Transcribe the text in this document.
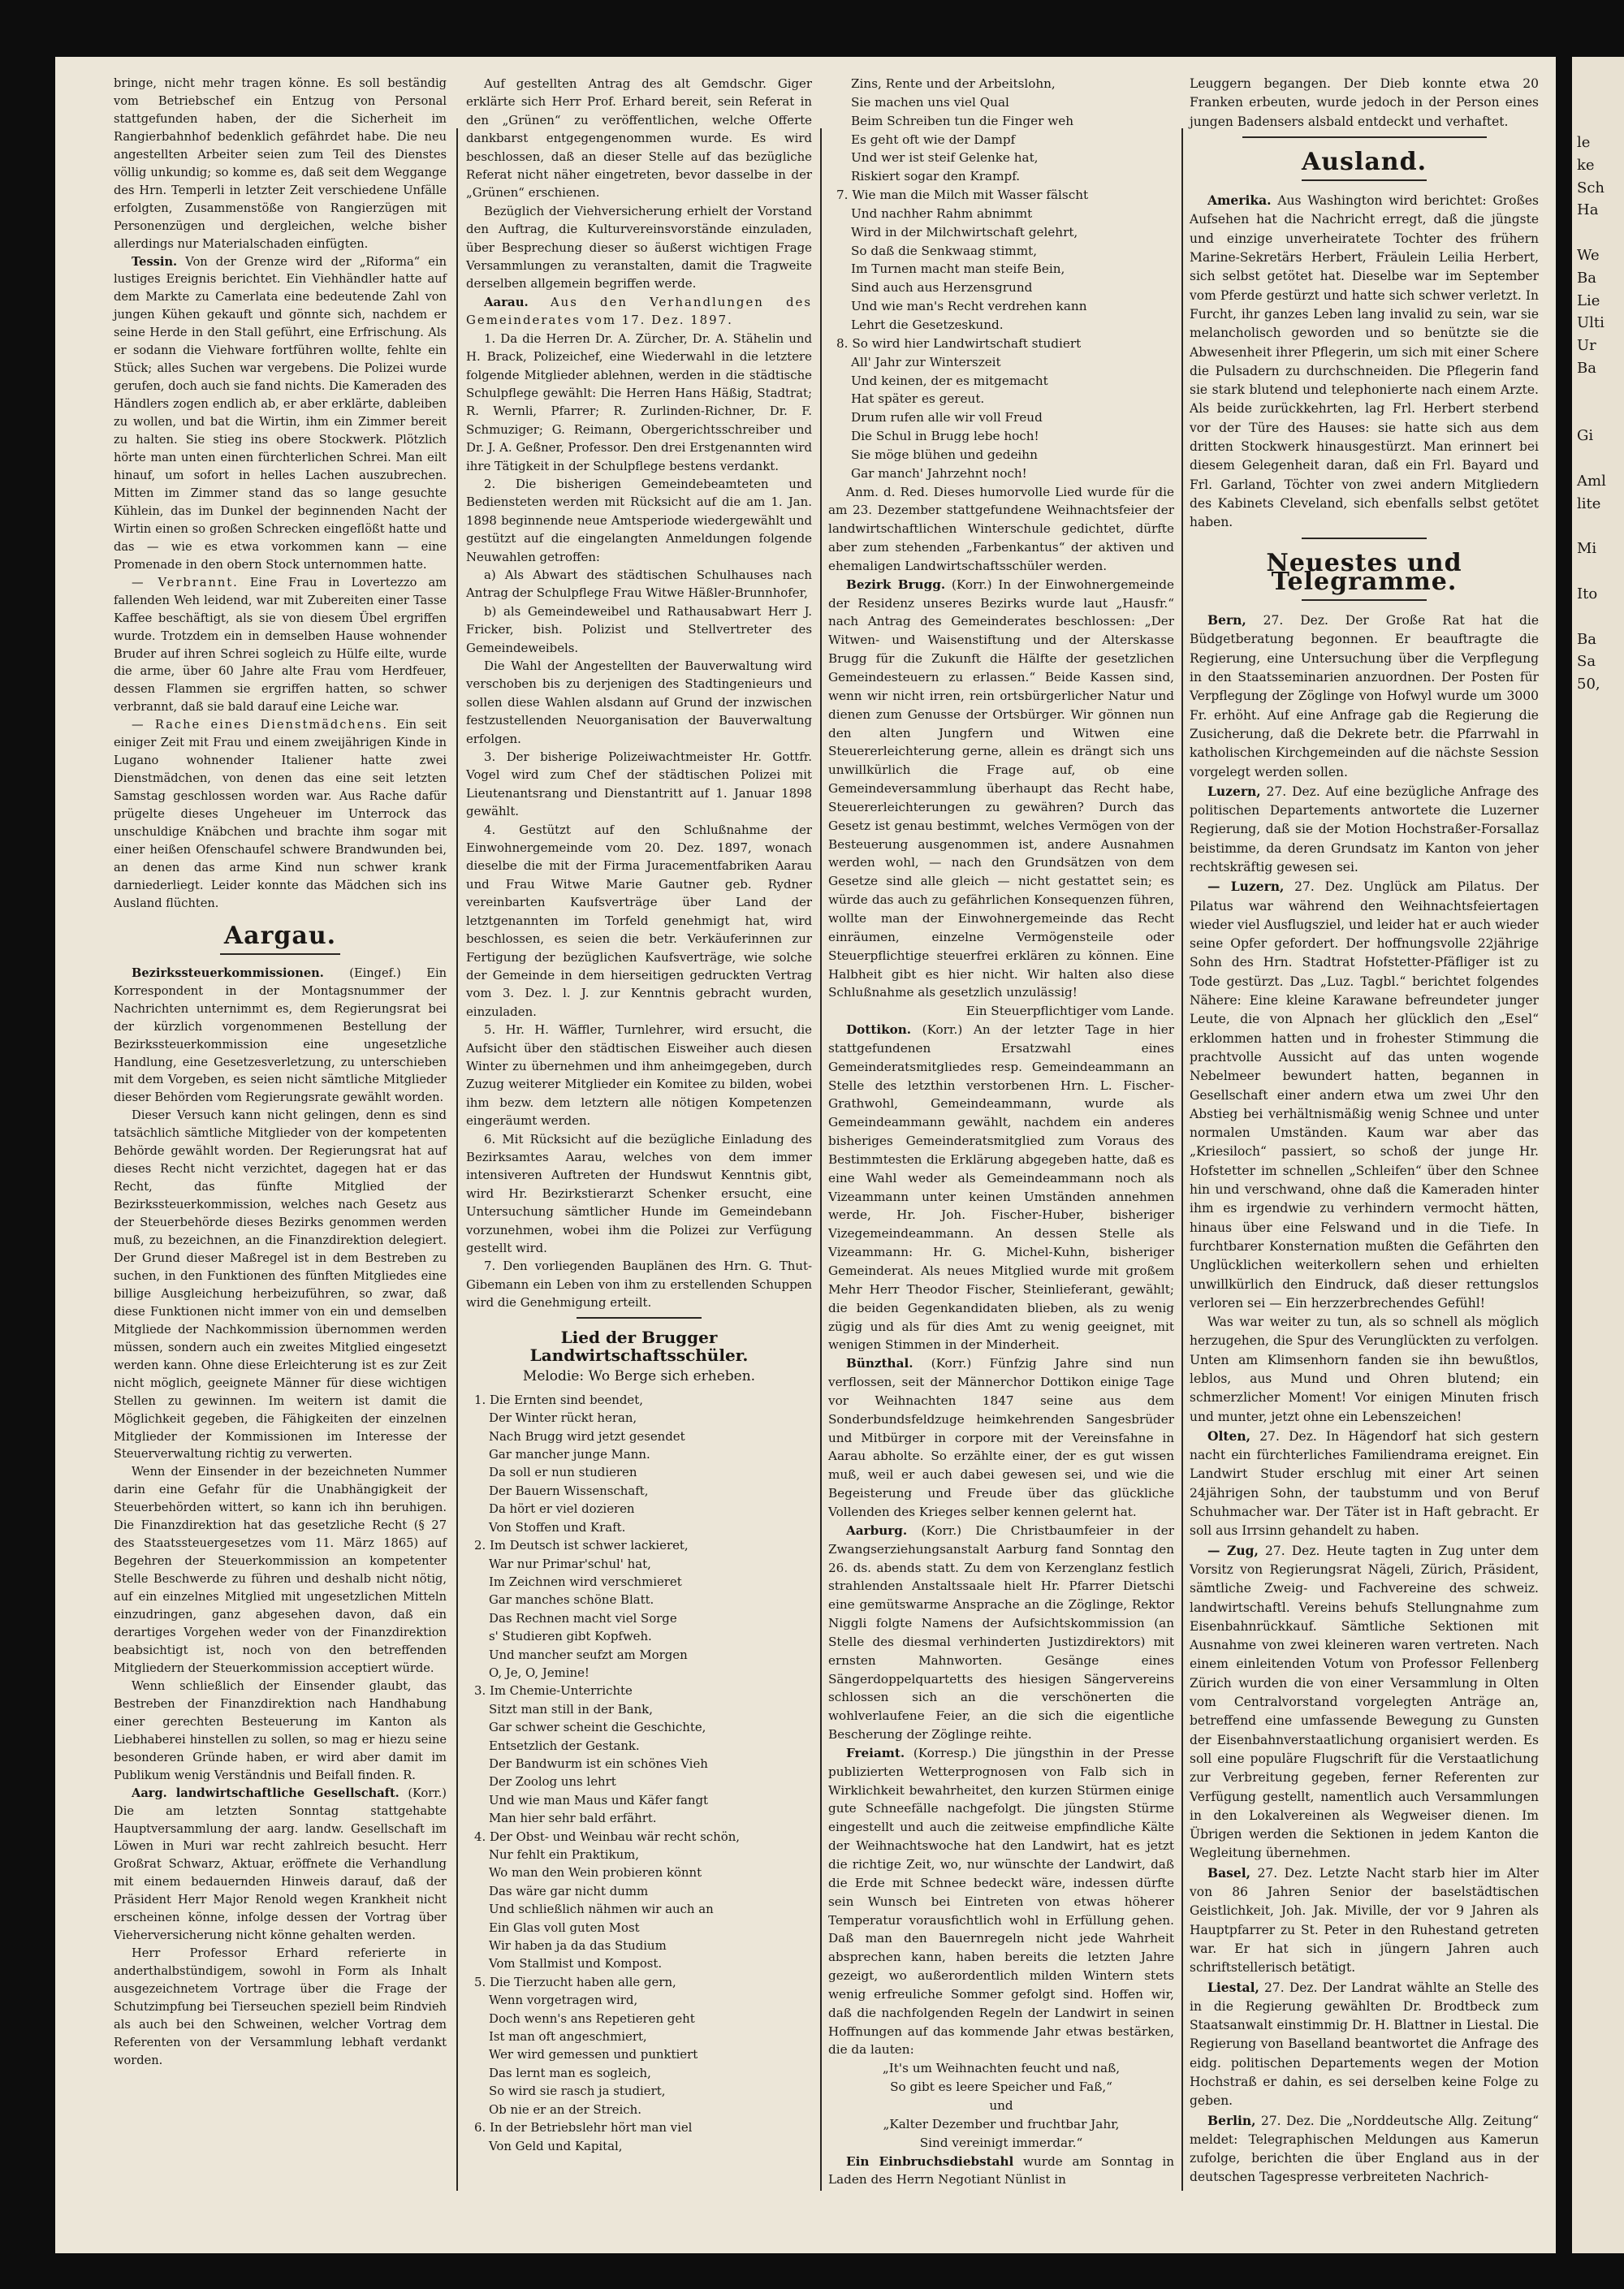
le
ke
Sch
Ha

We
Ba
Lie
Ulti
Ur
Ba

Gi

Aml
lite

Mi

Ito

Ba
Sa
50,

bringe, nicht mehr tragen könne. Es soll beständig vom Betriebschef ein Entzug von Personal stattgefunden haben, der die Sicherheit im Rangierbahnhof bedenklich gefährdet habe. Die neu angestellten Arbeiter seien zum Teil des Dienstes völlig unkundig; so komme es, daß seit dem Weggange des Hrn. Temperli in letzter Zeit verschiedene Unfälle erfolgten, Zusammenstöße von Rangierzügen mit Personenzügen und dergleichen, welche bisher allerdings nur Materialschaden einfügten.

Tessin. Von der Grenze wird der „Riforma“ ein lustiges Ereignis berichtet. Ein Viehhändler hatte auf dem Markte zu Camerlata eine bedeutende Zahl von jungen Kühen gekauft und gönnte sich, nachdem er seine Herde in den Stall geführt, eine Erfrischung. Als er sodann die Viehware fortführen wollte, fehlte ein Stück; alles Suchen war vergebens. Die Polizei wurde gerufen, doch auch sie fand nichts. Die Kameraden des Händlers zogen endlich ab, er aber erklärte, dableiben zu wollen, und bat die Wirtin, ihm ein Zimmer bereit zu halten. Sie stieg ins obere Stockwerk. Plötzlich hörte man unten einen fürchterlichen Schrei. Man eilt hinauf, um sofort in helles Lachen auszubrechen. Mitten im Zimmer stand das so lange gesuchte Kühlein, das im Dunkel der beginnenden Nacht der Wirtin einen so großen Schrecken eingeflößt hatte und das — wie es etwa vorkommen kann — eine Promenade in den obern Stock unternommen hatte.

— Verbrannt. Eine Frau in Lovertezzo am fallenden Weh leidend, war mit Zubereiten einer Tasse Kaffee beschäftigt, als sie von diesem Übel ergriffen wurde. Trotzdem ein in demselben Hause wohnender Bruder auf ihren Schrei sogleich zu Hülfe eilte, wurde die arme, über 60 Jahre alte Frau vom Herdfeuer, dessen Flammen sie ergriffen hatten, so schwer verbrannt, daß sie bald darauf eine Leiche war.

— Rache eines Dienstmädchens. Ein seit einiger Zeit mit Frau und einem zweijährigen Kinde in Lugano wohnender Italiener hatte zwei Dienstmädchen, von denen das eine seit letzten Samstag geschlossen worden war. Aus Rache dafür prügelte dieses Ungeheuer im Unterrock das unschuldige Knäbchen und brachte ihm sogar mit einer heißen Ofenschaufel schwere Brandwunden bei, an denen das arme Kind nun schwer krank darniederliegt. Leider konnte das Mädchen sich ins Ausland flüchten.

Aargau.

Bezirkssteuerkommissionen. (Eingef.) Ein Korrespondent in der Montagsnummer der Nachrichten unternimmt es, dem Regierungsrat bei der kürzlich vorgenommenen Bestellung der Bezirkssteuerkommission eine ungesetzliche Handlung, eine Gesetzesverletzung, zu unterschieben mit dem Vorgeben, es seien nicht sämtliche Mitglieder dieser Behörden vom Regierungsrate gewählt worden.

Dieser Versuch kann nicht gelingen, denn es sind tatsächlich sämtliche Mitglieder von der kompetenten Behörde gewählt worden. Der Regierungsrat hat auf dieses Recht nicht verzichtet, dagegen hat er das Recht, das fünfte Mitglied der Bezirkssteuerkommission, welches nach Gesetz aus der Steuerbehörde dieses Bezirks genommen werden muß, zu bezeichnen, an die Finanzdirektion delegiert. Der Grund dieser Maßregel ist in dem Bestreben zu suchen, in den Funktionen des fünften Mitgliedes eine billige Ausgleichung herbeizuführen, so zwar, daß diese Funktionen nicht immer von ein und demselben Mitgliede der Nachkommission übernommen werden müssen, sondern auch ein zweites Mitglied eingesetzt werden kann. Ohne diese Erleichterung ist es zur Zeit nicht möglich, geeignete Männer für diese wichtigen Stellen zu gewinnen. Im weitern ist damit die Möglichkeit gegeben, die Fähigkeiten der einzelnen Mitglieder der Kommissionen im Interesse der Steuerverwaltung richtig zu verwerten.

Wenn der Einsender in der bezeichneten Nummer darin eine Gefahr für die Unabhängigkeit der Steuerbehörden wittert, so kann ich ihn beruhigen. Die Finanzdirektion hat das gesetzliche Recht (§ 27 des Staatssteuergesetzes vom 11. März 1865) auf Begehren der Steuerkommission an kompetenter Stelle Beschwerde zu führen und deshalb nicht nötig, auf ein einzelnes Mitglied mit ungesetzlichen Mitteln einzudringen, ganz abgesehen davon, daß ein derartiges Vorgehen weder von der Finanzdirektion beabsichtigt ist, noch von den betreffenden Mitgliedern der Steuerkommission acceptiert würde.

Wenn schließlich der Einsender glaubt, das Bestreben der Finanzdirektion nach Handhabung einer gerechten Besteuerung im Kanton als Liebhaberei hinstellen zu sollen, so mag er hiezu seine besonderen Gründe haben, er wird aber damit im Publikum wenig Verständnis und Beifall finden. R.

Aarg. landwirtschaftliche Gesellschaft. (Korr.) Die am letzten Sonntag stattgehabte Hauptversammlung der aarg. landw. Gesellschaft im Löwen in Muri war recht zahlreich besucht. Herr Großrat Schwarz, Aktuar, eröffnete die Verhandlung mit einem bedauernden Hinweis darauf, daß der Präsident Herr Major Renold wegen Krankheit nicht erscheinen könne, infolge dessen der Vortrag über Vieherversicherung nicht könne gehalten werden.

Herr Professor Erhard referierte in anderthalbstündigem, sowohl in Form als Inhalt ausgezeichnetem Vortrage über die Frage der Schutzimpfung bei Tierseuchen speziell beim Rindvieh als auch bei den Schweinen, welcher Vortrag dem Referenten von der Versammlung lebhaft verdankt worden.

Auf gestellten Antrag des alt Gemdschr. Giger erklärte sich Herr Prof. Erhard bereit, sein Referat in den „Grünen“ zu veröffentlichen, welche Offerte dankbarst entgegengenommen wurde. Es wird beschlossen, daß an dieser Stelle auf das bezügliche Referat nicht näher eingetreten, bevor dasselbe in der „Grünen“ erschienen.

Bezüglich der Viehversicherung erhielt der Vorstand den Auftrag, die Kulturvereinsvorstände einzuladen, über Besprechung dieser so äußerst wichtigen Frage Versammlungen zu veranstalten, damit die Tragweite derselben allgemein begriffen werde.

Aarau. Aus den Verhandlungen des Gemeinderates vom 17. Dez. 1897.

1. Da die Herren Dr. A. Zürcher, Dr. A. Stähelin und H. Brack, Polizeichef, eine Wiederwahl in die letztere folgende Mitglieder ablehnen, werden in die städtische Schulpflege gewählt: Die Herren Hans Häßig, Stadtrat; R. Wernli, Pfarrer; R. Zurlinden-Richner, Dr. F. Schmuziger; G. Reimann, Obergerichtsschreiber und Dr. J. A. Geßner, Professor. Den drei Erstgenannten wird ihre Tätigkeit in der Schulpflege bestens verdankt.

2. Die bisherigen Gemeindebeamteten und Bediensteten werden mit Rücksicht auf die am 1. Jan. 1898 beginnende neue Amtsperiode wiedergewählt und gestützt auf die eingelangten Anmeldungen folgende Neuwahlen getroffen:

a) Als Abwart des städtischen Schulhauses nach Antrag der Schulpflege Frau Witwe Häßler-Brunnhofer,

b) als Gemeindeweibel und Rathausabwart Herr J. Fricker, bish. Polizist und Stellvertreter des Gemeindeweibels.

Die Wahl der Angestellten der Bauverwaltung wird verschoben bis zu derjenigen des Stadtingenieurs und sollen diese Wahlen alsdann auf Grund der inzwischen festzustellenden Neuorganisation der Bauverwaltung erfolgen.

3. Der bisherige Polizeiwachtmeister Hr. Gottfr. Vogel wird zum Chef der städtischen Polizei mit Lieutenantsrang und Dienstantritt auf 1. Januar 1898 gewählt.

4. Gestützt auf den Schlußnahme der Einwohnergemeinde vom 20. Dez. 1897, wonach dieselbe die mit der Firma Juracementfabriken Aarau und Frau Witwe Marie Gautner geb. Rydner vereinbarten Kaufsverträge über Land der letztgenannten im Torfeld genehmigt hat, wird beschlossen, es seien die betr. Verkäuferinnen zur Fertigung der bezüglichen Kaufsverträge, wie solche der Gemeinde in dem hierseitigen gedruckten Vertrag vom 3. Dez. l. J. zur Kenntnis gebracht wurden, einzuladen.

5. Hr. H. Wäffler, Turnlehrer, wird ersucht, die Aufsicht über den städtischen Eisweiher auch diesen Winter zu übernehmen und ihm anheimgegeben, durch Zuzug weiterer Mitglieder ein Komitee zu bilden, wobei ihm bezw. dem letztern alle nötigen Kompetenzen eingeräumt werden.

6. Mit Rücksicht auf die bezügliche Einladung des Bezirksamtes Aarau, welches von dem immer intensiveren Auftreten der Hundswut Kenntnis gibt, wird Hr. Bezirkstierarzt Schenker ersucht, eine Untersuchung sämtlicher Hunde im Gemeindebann vorzunehmen, wobei ihm die Polizei zur Verfügung gestellt wird.

7. Den vorliegenden Bauplänen des Hrn. G. Thut-Gibemann ein Leben von ihm zu erstellenden Schuppen wird die Genehmigung erteilt.

Lied der Brugger Landwirtschaftsschüler.
Melodie: Wo Berge sich erheben.

1. Die Ernten sind beendet,

Der Winter rückt heran,

Nach Brugg wird jetzt gesendet

Gar mancher junge Mann.

Da soll er nun studieren

Der Bauern Wissenschaft,

Da hört er viel dozieren

Von Stoffen und Kraft.

2. Im Deutsch ist schwer lackieret,

War nur Primar'schul' hat,

Im Zeichnen wird verschmieret

Gar manches schöne Blatt.

Das Rechnen macht viel Sorge

s' Studieren gibt Kopfweh.

Und mancher seufzt am Morgen

O, Je, O, Jemine!

3. Im Chemie-Unterrichte

Sitzt man still in der Bank,

Gar schwer scheint die Geschichte,

Entsetzlich der Gestank.

Der Bandwurm ist ein schönes Vieh

Der Zoolog uns lehrt

Und wie man Maus und Käfer fangt

Man hier sehr bald erfährt.

4. Der Obst- und Weinbau wär recht schön,

Nur fehlt ein Praktikum,

Wo man den Wein probieren könnt

Das wäre gar nicht dumm

Und schließlich nähmen wir auch an

Ein Glas voll guten Most

Wir haben ja da das Studium

Vom Stallmist und Kompost.

5. Die Tierzucht haben alle gern,

Wenn vorgetragen wird,

Doch wenn's ans Repetieren geht

Ist man oft angeschmiert,

Wer wird gemessen und punktiert

Das lernt man es sogleich,

So wird sie rasch ja studiert,

Ob nie er an der Streich.

6. In der Betriebslehr hört man viel

Von Geld und Kapital,

Zins, Rente und der Arbeitslohn,

Sie machen uns viel Qual

Beim Schreiben tun die Finger weh

Es geht oft wie der Dampf

Und wer ist steif Gelenke hat,

Riskiert sogar den Krampf.

7. Wie man die Milch mit Wasser fälscht

Und nachher Rahm abnimmt

Wird in der Milchwirtschaft gelehrt,

So daß die Senkwaag stimmt,

Im Turnen macht man steife Bein,

Sind auch aus Herzensgrund

Und wie man's Recht verdrehen kann

Lehrt die Gesetzeskund.

8. So wird hier Landwirtschaft studiert

All' Jahr zur Winterszeit

Und keinen, der es mitgemacht

Hat später es gereut.

Drum rufen alle wir voll Freud

Die Schul in Brugg lebe hoch!

Sie möge blühen und gedeihn

Gar manch' Jahrzehnt noch!

Anm. d. Red. Dieses humorvolle Lied wurde für die am 23. Dezember stattgefundene Weihnachtsfeier der landwirtschaftlichen Winterschule gedichtet, dürfte aber zum stehenden „Farbenkantus“ der aktiven und ehemaligen Landwirtschaftsschüler werden.

Bezirk Brugg. (Korr.) In der Einwohnergemeinde der Residenz unseres Bezirks wurde laut „Hausfr.“ nach Antrag des Gemeinderates beschlossen: „Der Witwen- und Waisenstiftung und der Alterskasse Brugg für die Zukunft die Hälfte der gesetzlichen Gemeindesteuern zu erlassen.“ Beide Kassen sind, wenn wir nicht irren, rein ortsbürgerlicher Natur und dienen zum Genusse der Ortsbürger. Wir gönnen nun den alten Jungfern und Witwen eine Steuererleichterung gerne, allein es drängt sich uns unwillkürlich die Frage auf, ob eine Gemeindeversammlung überhaupt das Recht habe, Steuererleichterungen zu gewähren? Durch das Gesetz ist genau bestimmt, welches Vermögen von der Besteuerung ausgenommen ist, andere Ausnahmen werden wohl, — nach den Grundsätzen von dem Gesetze sind alle gleich — nicht gestattet sein; es würde das auch zu gefährlichen Konsequenzen führen, wollte man der Einwohnergemeinde das Recht einräumen, einzelne Vermögensteile oder Steuerpflichtige steuerfrei erklären zu können. Eine Halbheit gibt es hier nicht. Wir halten also diese Schlußnahme als gesetzlich unzulässig!

Ein Steuerpflichtiger vom Lande.

Dottikon. (Korr.) An der letzter Tage in hier stattgefundenen Ersatzwahl eines Gemeinderatsmitgliedes resp. Gemeindeammann an Stelle des letzthin verstorbenen Hrn. L. Fischer-Grathwohl, Gemeindeammann, wurde als Gemeindeammann gewählt, nachdem ein anderes bisheriges Gemeinderatsmitglied zum Voraus des Bestimmtesten die Erklärung abgegeben hatte, daß es eine Wahl weder als Gemeindeammann noch als Vizeammann unter keinen Umständen annehmen werde, Hr. Joh. Fischer-Huber, bisheriger Vizegemeindeammann. An dessen Stelle als Vizeammann: Hr. G. Michel-Kuhn, bisheriger Gemeinderat. Als neues Mitglied wurde mit großem Mehr Herr Theodor Fischer, Steinlieferant, gewählt; die beiden Gegenkandidaten blieben, als zu wenig zügig und als für dies Amt zu wenig geeignet, mit wenigen Stimmen in der Minderheit.

Bünzthal. (Korr.) Fünfzig Jahre sind nun verflossen, seit der Männerchor Dottikon einige Tage vor Weihnachten 1847 seine aus dem Sonderbundsfeldzuge heimkehrenden Sangesbrüder und Mitbürger in corpore mit der Vereinsfahne in Aarau abholte. So erzählte einer, der es gut wissen muß, weil er auch dabei gewesen sei, und wie die Begeisterung und Freude über das glückliche Vollenden des Krieges selber kennen gelernt hat.

Aarburg. (Korr.) Die Christbaumfeier in der Zwangserziehungsanstalt Aarburg fand Sonntag den 26. ds. abends statt. Zu dem von Kerzenglanz festlich strahlenden Anstaltssaale hielt Hr. Pfarrer Dietschi eine gemütswarme Ansprache an die Zöglinge, Rektor Niggli folgte Namens der Aufsichtskommission (an Stelle des diesmal verhinderten Justizdirektors) mit ernsten Mahnworten. Gesänge eines Sängerdoppelquartetts des hiesigen Sängervereins schlossen sich an die verschönerten die wohlverlaufene Feier, an die sich die eigentliche Bescherung der Zöglinge reihte.

Freiamt. (Korresp.) Die jüngsthin in der Presse publizierten Wetterprognosen von Falb sich in Wirklichkeit bewahrheitet, den kurzen Stürmen einige gute Schneefälle nachgefolgt. Die jüngsten Stürme eingestellt und auch die zeitweise empfindliche Kälte der Weihnachtswoche hat den Landwirt, hat es jetzt die richtige Zeit, wo, nur wünschte der Landwirt, daß die Erde mit Schnee bedeckt wäre, indessen dürfte sein Wunsch bei Eintreten von etwas höherer Temperatur vorausfichtlich wohl in Erfüllung gehen. Daß man den Bauernregeln nicht jede Wahrheit absprechen kann, haben bereits die letzten Jahre gezeigt, wo außerordentlich milden Wintern stets wenig erfreuliche Sommer gefolgt sind. Hoffen wir, daß die nachfolgenden Regeln der Landwirt in seinen Hoffnungen auf das kommende Jahr etwas bestärken, die da lauten:

„It's um Weihnachten feucht und naß,

So gibt es leere Speicher und Faß,“

und

„Kalter Dezember und fruchtbar Jahr,

Sind vereinigt immerdar.“

Ein Einbruchsdiebstahl wurde am Sonntag in Laden des Herrn Negotiant Nünlist in

Leuggern begangen. Der Dieb konnte etwa 20 Franken erbeuten, wurde jedoch in der Person eines jungen Badensers alsbald entdeckt und verhaftet.

Ausland.

Amerika. Aus Washington wird berichtet: Großes Aufsehen hat die Nachricht erregt, daß die jüngste und einzige unverheiratete Tochter des frühern Marine-Sekretärs Herbert, Fräulein Leilia Herbert, sich selbst getötet hat. Dieselbe war im September vom Pferde gestürzt und hatte sich schwer verletzt. In Furcht, ihr ganzes Leben lang invalid zu sein, war sie melancholisch geworden und so benützte sie die Abwesenheit ihrer Pflegerin, um sich mit einer Schere die Pulsadern zu durchschneiden. Die Pflegerin fand sie stark blutend und telephonierte nach einem Arzte. Als beide zurückkehrten, lag Frl. Herbert sterbend vor der Türe des Hauses: sie hatte sich aus dem dritten Stockwerk hinausgestürzt. Man erinnert bei diesem Gelegenheit daran, daß ein Frl. Bayard und Frl. Garland, Töchter von zwei andern Mitgliedern des Kabinets Cleveland, sich ebenfalls selbst getötet haben.

Neuestes und Telegramme.

Bern, 27. Dez. Der Große Rat hat die Büdgetberatung begonnen. Er beauftragte die Regierung, eine Untersuchung über die Verpflegung in den Staatsseminarien anzuordnen. Der Posten für Verpflegung der Zöglinge von Hofwyl wurde um 3000 Fr. erhöht. Auf eine Anfrage gab die Regierung die Zusicherung, daß die Dekrete betr. die Pfarrwahl in katholischen Kirchgemeinden auf die nächste Session vorgelegt werden sollen.

Luzern, 27. Dez. Auf eine bezügliche Anfrage des politischen Departements antwortete die Luzerner Regierung, daß sie der Motion Hochstraßer-Forsallaz beistimme, da deren Grundsatz im Kanton von jeher rechtskräftig gewesen sei.

— Luzern, 27. Dez. Unglück am Pilatus. Der Pilatus war während den Weihnachtsfeiertagen wieder viel Ausflugsziel, und leider hat er auch wieder seine Opfer gefordert. Der hoffnungsvolle 22jährige Sohn des Hrn. Stadtrat Hofstetter-Pfäfliger ist zu Tode gestürzt. Das „Luz. Tagbl.“ berichtet folgendes Nähere: Eine kleine Karawane befreundeter junger Leute, die von Alpnach her glücklich den „Esel“ erklommen hatten und in frohester Stimmung die prachtvolle Aussicht auf das unten wogende Nebelmeer bewundert hatten, begannen in Gesellschaft einer andern etwa um zwei Uhr den Abstieg bei verhältnismäßig wenig Schnee und unter normalen Umständen. Kaum war aber das „Kriesiloch“ passiert, so schoß der junge Hr. Hofstetter im schnellen „Schleifen“ über den Schnee hin und verschwand, ohne daß die Kameraden hinter ihm es irgendwie zu verhindern vermocht hätten, hinaus über eine Felswand und in die Tiefe. In furchtbarer Konsternation mußten die Gefährten den Unglücklichen weiterkollern sehen und erhielten unwillkürlich den Eindruck, daß dieser rettungslos verloren sei — Ein herzzerbrechendes Gefühl!

Was war weiter zu tun, als so schnell als möglich herzugehen, die Spur des Verunglückten zu verfolgen. Unten am Klimsenhorn fanden sie ihn bewußtlos, leblos, aus Mund und Ohren blutend; ein schmerzlicher Moment! Vor einigen Minuten frisch und munter, jetzt ohne ein Lebenszeichen!

Olten, 27. Dez. In Hägendorf hat sich gestern nacht ein fürchterliches Familiendrama ereignet. Ein Landwirt Studer erschlug mit einer Art seinen 24jährigen Sohn, der taubstumm und von Beruf Schuhmacher war. Der Täter ist in Haft gebracht. Er soll aus Irrsinn gehandelt zu haben.

— Zug, 27. Dez. Heute tagten in Zug unter dem Vorsitz von Regierungsrat Nägeli, Zürich, Präsident, sämtliche Zweig- und Fachvereine des schweiz. landwirtschaftl. Vereins behufs Stellungnahme zum Eisenbahnrückkauf. Sämtliche Sektionen mit Ausnahme von zwei kleineren waren vertreten. Nach einem einleitenden Votum von Professor Fellenberg Zürich wurden die von einer Versammlung in Olten vom Centralvorstand vorgelegten Anträge an, betreffend eine umfassende Bewegung zu Gunsten der Eisenbahnverstaatlichung organisiert werden. Es soll eine populäre Flugschrift für die Verstaatlichung zur Verbreitung gegeben, ferner Referenten zur Verfügung gestellt, namentlich auch Versammlungen in den Lokalvereinen als Wegweiser dienen. Im Übrigen werden die Sektionen in jedem Kanton die Wegleitung übernehmen.

Basel, 27. Dez. Letzte Nacht starb hier im Alter von 86 Jahren Senior der baselstädtischen Geistlichkeit, Joh. Jak. Miville, der vor 9 Jahren als Hauptpfarrer zu St. Peter in den Ruhestand getreten war. Er hat sich in jüngern Jahren auch schriftstellerisch betätigt.

Liestal, 27. Dez. Der Landrat wählte an Stelle des in die Regierung gewählten Dr. Brodtbeck zum Staatsanwalt einstimmig Dr. H. Blattner in Liestal. Die Regierung von Baselland beantwortet die Anfrage des eidg. politischen Departements wegen der Motion Hochstraß er dahin, es sei derselben keine Folge zu geben.

Berlin, 27. Dez. Die „Norddeutsche Allg. Zeitung“ meldet: Telegraphischen Meldungen aus Kamerun zufolge, berichten die über England aus in der deutschen Tagespresse verbreiteten Nachrich-
